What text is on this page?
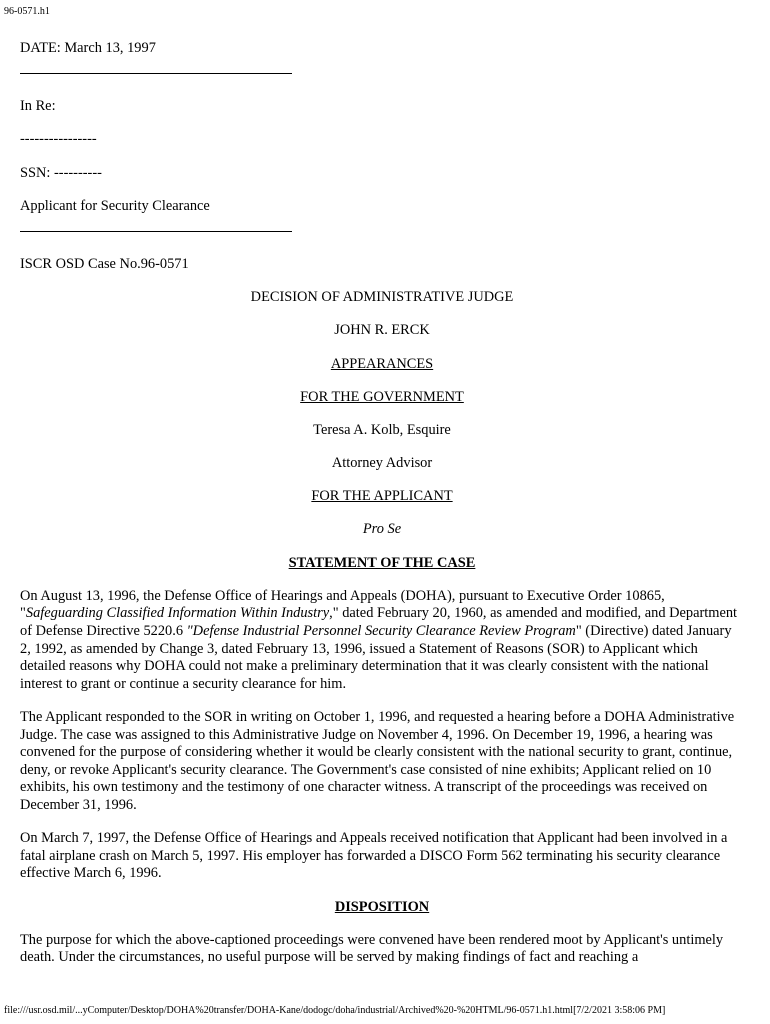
96-0571.h1

DATE: March 13, 1997

In Re:

----------------

SSN: ----------

Applicant for Security Clearance

ISCR OSD Case No.96-0571

DECISION OF ADMINISTRATIVE JUDGE

JOHN R. ERCK

APPEARANCES

FOR THE GOVERNMENT

Teresa A. Kolb, Esquire

Attorney Advisor

FOR THE APPLICANT

Pro Se

STATEMENT OF THE CASE

On August 13, 1996, the Defense Office of Hearings and Appeals (DOHA), pursuant to Executive Order 10865, "Safeguarding Classified Information Within Industry," dated February 20, 1960, as amended and modified, and Department of Defense Directive 5220.6 "Defense Industrial Personnel Security Clearance Review Program" (Directive) dated January 2, 1992, as amended by Change 3, dated February 13, 1996, issued a Statement of Reasons (SOR) to Applicant which detailed reasons why DOHA could not make a preliminary determination that it was clearly consistent with the national interest to grant or continue a security clearance for him.

The Applicant responded to the SOR in writing on October 1, 1996, and requested a hearing before a DOHA Administrative Judge. The case was assigned to this Administrative Judge on November 4, 1996. On December 19, 1996, a hearing was convened for the purpose of considering whether it would be clearly consistent with the national security to grant, continue, deny, or revoke Applicant's security clearance. The Government's case consisted of nine exhibits; Applicant relied on 10 exhibits, his own testimony and the testimony of one character witness. A transcript of the proceedings was received on December 31, 1996.

On March 7, 1997, the Defense Office of Hearings and Appeals received notification that Applicant had been involved in a fatal airplane crash on March 5, 1997. His employer has forwarded a DISCO Form 562 terminating his security clearance effective March 6, 1996.

DISPOSITION

The purpose for which the above-captioned proceedings were convened have been rendered moot by Applicant's untimely death. Under the circumstances, no useful purpose will be served by making findings of fact and reaching a

file:///usr.osd.mil/...yComputer/Desktop/DOHA%20transfer/DOHA-Kane/dodogc/doha/industrial/Archived%20-%20HTML/96-0571.h1.html[7/2/2021 3:58:06 PM]
